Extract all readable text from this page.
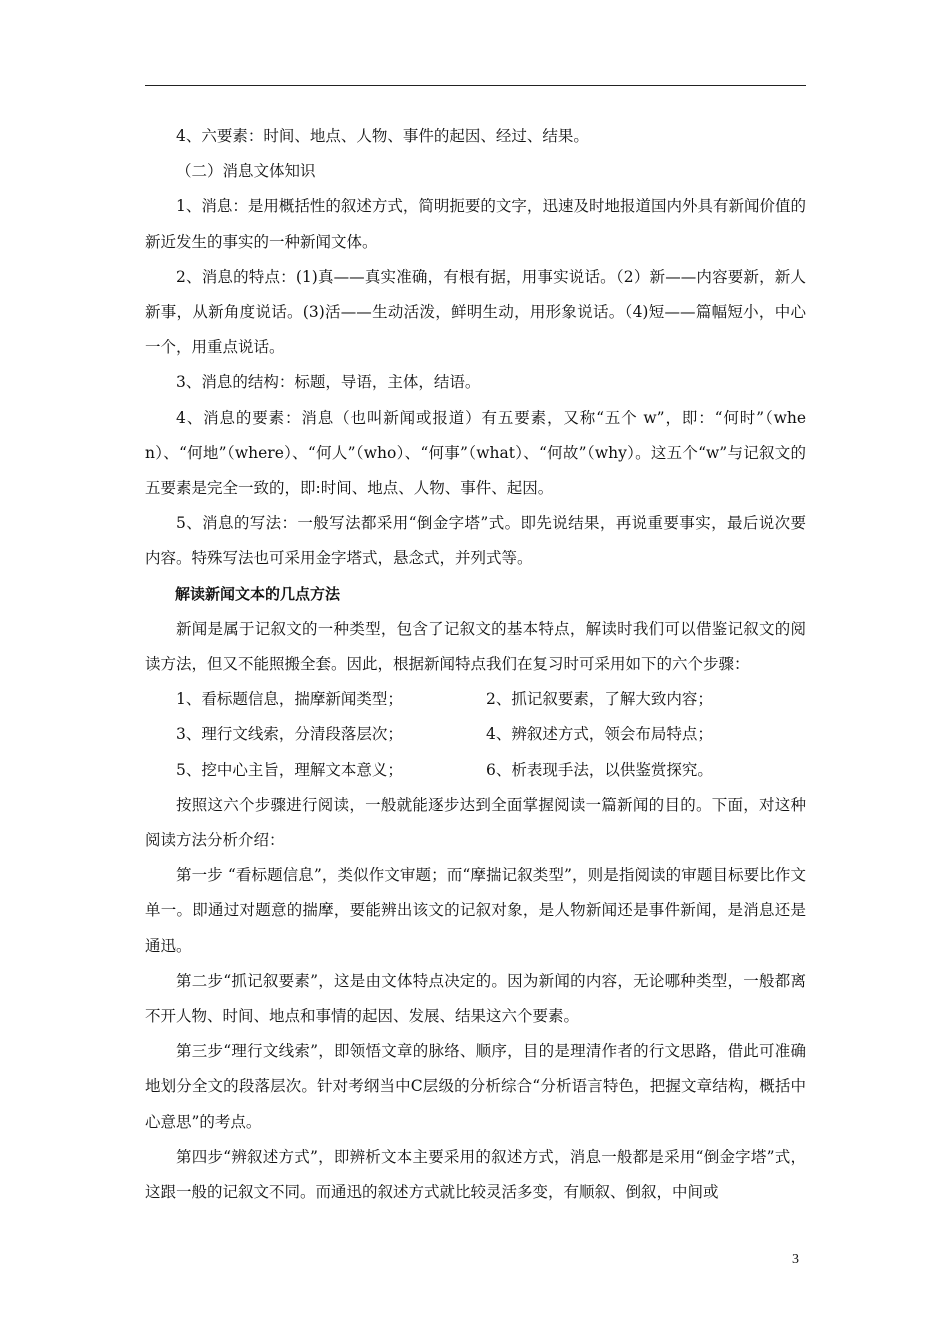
4、六要素：时间、地点、人物、事件的起因、经过、结果。

（二）消息文体知识

1、消息：是用概括性的叙述方式，简明扼要的文字，迅速及时地报道国内外具有新闻价值的新近发生的事实的一种新闻文体。

2、消息的特点：(1)真——真实准确，有根有据，用事实说话。（2）新——内容要新，新人新事，从新角度说话。(3)活——生动活泼，鲜明生动，用形象说话。（4)短——篇幅短小，中心一个，用重点说话。

3、消息的结构：标题，导语，主体，结语。

4、消息的要素：消息（也叫新闻或报道）有五要素，又称“五个 w”，即：“何时”（when）、“何地”（where）、“何人”（who）、“何事”（what）、“何故”（why）。这五个“w”与记叙文的五要素是完全一致的，即:时间、地点、人物、事件、起因。

5、消息的写法：一般写法都采用“倒金字塔”式。即先说结果，再说重要事实，最后说次要内容。特殊写法也可采用金字塔式，悬念式，并列式等。

解读新闻文本的几点方法

新闻是属于记叙文的一种类型，包含了记叙文的基本特点，解读时我们可以借鉴记叙文的阅读方法，但又不能照搬全套。因此，根据新闻特点我们在复习时可采用如下的六个步骤：

1、看标题信息，揣摩新闻类型；	2、抓记叙要素，了解大致内容；
3、理行文线索，分清段落层次；	4、辨叙述方式，领会布局特点；
5、挖中心主旨，理解文本意义；	6、析表现手法，以供鉴赏探究。

按照这六个步骤进行阅读，一般就能逐步达到全面掌握阅读一篇新闻的目的。下面，对这种阅读方法分析介绍：

第一步 “看标题信息”，类似作文审题；而“摩揣记叙类型”，则是指阅读的审题目标要比作文单一。即通过对题意的揣摩，要能辨出该文的记叙对象，是人物新闻还是事件新闻，是消息还是通迅。

第二步“抓记叙要素”，这是由文体特点决定的。因为新闻的内容，无论哪种类型，一般都离不开人物、时间、地点和事情的起因、发展、结果这六个要素。

第三步“理行文线索”，即领悟文章的脉络、顺序，目的是理清作者的行文思路，借此可准确地划分全文的段落层次。针对考纲当中C层级的分析综合“分析语言特色，把握文章结构，概括中心意思”的考点。

第四步“辨叙述方式”，即辨析文本主要采用的叙述方式，消息一般都是采用“倒金字塔”式，这跟一般的记叙文不同。而通迅的叙述方式就比较灵活多变，有顺叙、倒叙，中间或

3
